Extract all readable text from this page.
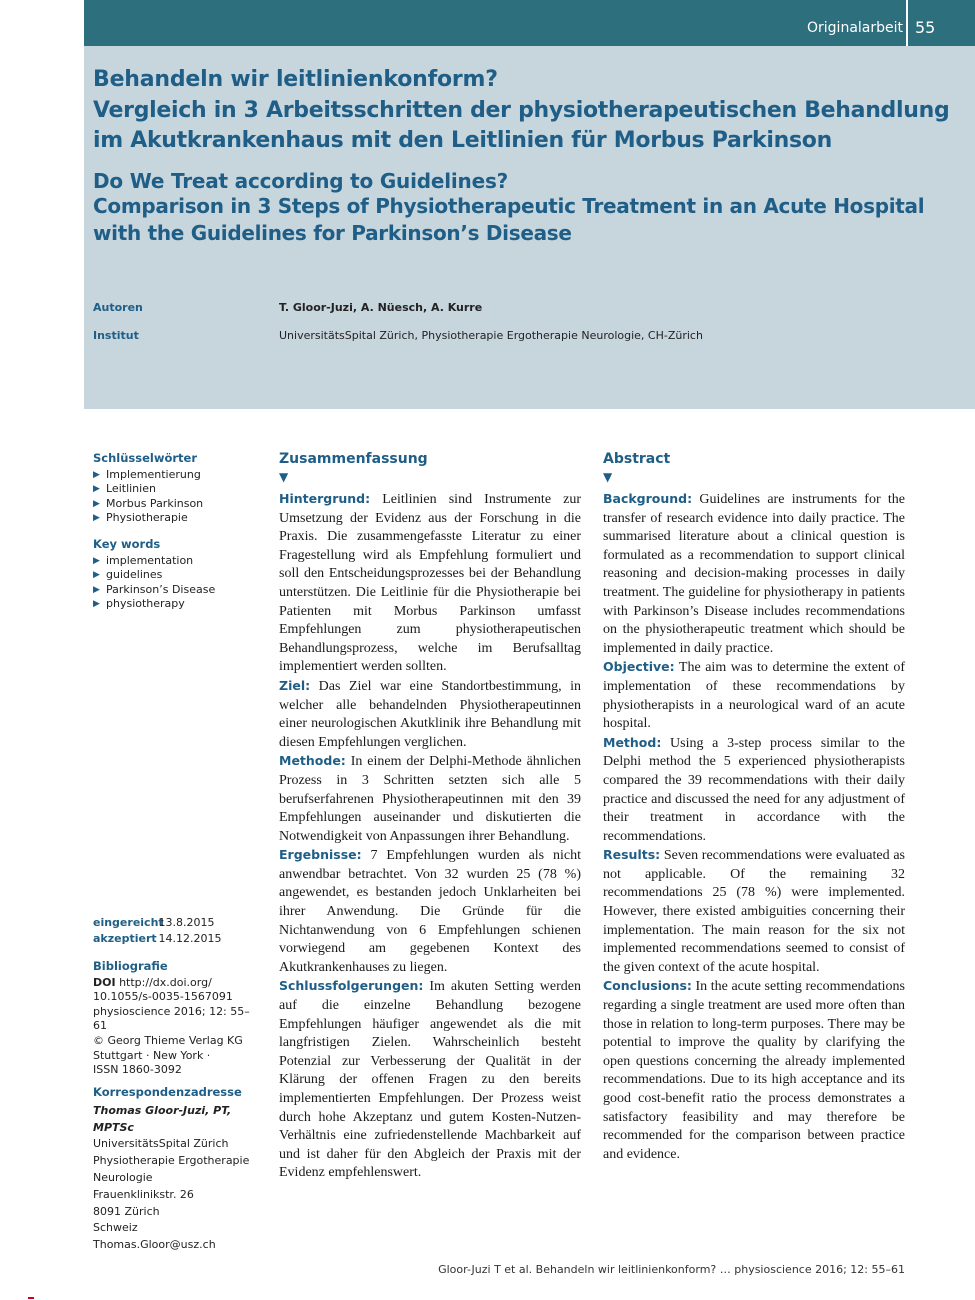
Originalarbeit 55
Behandeln wir leitlinienkonform?
Vergleich in 3 Arbeitsschritten der physiotherapeutischen Behandlung im Akutkrankenhaus mit den Leitlinien für Morbus Parkinson
Do We Treat according to Guidelines?
Comparison in 3 Steps of Physiotherapeutic Treatment in an Acute Hospital with the Guidelines for Parkinson’s Disease
Autoren	T. Gloor-Juzi, A. Nüesch, A. Kurre
Institut	UniversitätsSpital Zürich, Physiotherapie Ergotherapie Neurologie, CH-Zürich
Schlüsselwörter
▶ Implementierung
▶ Leitlinien
▶ Morbus Parkinson
▶ Physiotherapie
Key words
▶ implementation
▶ guidelines
▶ Parkinson’s Disease
▶ physiotherapy
eingereicht 13.8.2015
akzeptiert 14.12.2015
Bibliografie
DOI http://dx.doi.org/
10.1055/s-0035-1567091
physioscience 2016; 12: 55–61
© Georg Thieme Verlag KG
Stuttgart · New York ·
ISSN 1860-3092
Korrespondenzadresse
Thomas Gloor-Juzi, PT, MPTSc
UniversitätsSpital Zürich
Physiotherapie Ergotherapie
Neurologie
Frauenklinikstr. 26
8091 Zürich
Schweiz
Thomas.Gloor@usz.ch
Zusammenfassung
▼

Hintergrund: Leitlinien sind Instrumente zur Umsetzung der Evidenz aus der Forschung in die Praxis. Die zusammengefasste Literatur zu einer Fragestellung wird als Empfehlung formuliert und soll den Entscheidungsprozesses bei der Behandlung unterstützen. Die Leitlinie für die Physiotherapie bei Patienten mit Morbus Parkinson umfasst Empfehlungen zum physiotherapeutischen Behandlungsprozess, welche im Berufsalltag implementiert werden sollten.

Ziel: Das Ziel war eine Standortbestimmung, in welcher alle behandelnden Physiotherapeutinnen einer neurologischen Akutklinik ihre Behandlung mit diesen Empfehlungen verglichen.

Methode: In einem der Delphi-Methode ähnlichen Prozess in 3 Schritten setzten sich alle 5 berufserfahrenen Physiotherapeutinnen mit den 39 Empfehlungen auseinander und diskutierten die Notwendigkeit von Anpassungen ihrer Behandlung.

Ergebnisse: 7 Empfehlungen wurden als nicht anwendbar betrachtet. Von 32 wurden 25 (78 %) angewendet, es bestanden jedoch Unklarheiten bei ihrer Anwendung. Die Gründe für die Nichtanwendung von 6 Empfehlungen schienen vorwiegend am gegebenen Kontext des Akutkrankenhauses zu liegen.

Schlussfolgerungen: Im akuten Setting werden auf die einzelne Behandlung bezogene Empfehlungen häufiger angewendet als die mit langfristigen Zielen. Wahrscheinlich besteht Potenzial zur Verbesserung der Qualität in der Klärung der offenen Fragen zu den bereits implementierten Empfehlungen. Der Prozess weist durch hohe Akzeptanz und gutem Kosten-Nutzen-Verhältnis eine zufriedenstellende Machbarkeit auf und ist daher für den Abgleich der Praxis mit der Evidenz empfehlenswert.

Abstract
▼

Background: Guidelines are instruments for the transfer of research evidence into daily practice. The summarised literature about a clinical question is formulated as a recommendation to support clinical reasoning and decision-making processes in daily treatment. The guideline for physiotherapy in patients with Parkinson’s Disease includes recommendations on the physiotherapeutic treatment which should be implemented in daily practice.

Objective: The aim was to determine the extent of implementation of these recommendations by physiotherapists in a neurological ward of an acute hospital.

Method: Using a 3-step process similar to the Delphi method the 5 experienced physiotherapists compared the 39 recommendations with their daily practice and discussed the need for any adjustment of their treatment in accordance with the recommendations.

Results: Seven recommendations were evaluated as not applicable. Of the remaining 32 recommendations 25 (78 %) were implemented. However, there existed ambiguities concerning their implementation. The main reason for the six not implemented recommendations seemed to consist of the given context of the acute hospital.

Conclusions: In the acute setting recommendations regarding a single treatment are used more often than those in relation to long-term purposes. There may be potential to improve the quality by clarifying the open questions concerning the already implemented recommendations. Due to its high acceptance and its good cost-benefit ratio the process demonstrates a satisfactory feasibility and may therefore be recommended for the comparison between practice and evidence.

Gloor-Juzi T et al. Behandeln wir leitlinienkonform? … physioscience 2016; 12: 55–61
